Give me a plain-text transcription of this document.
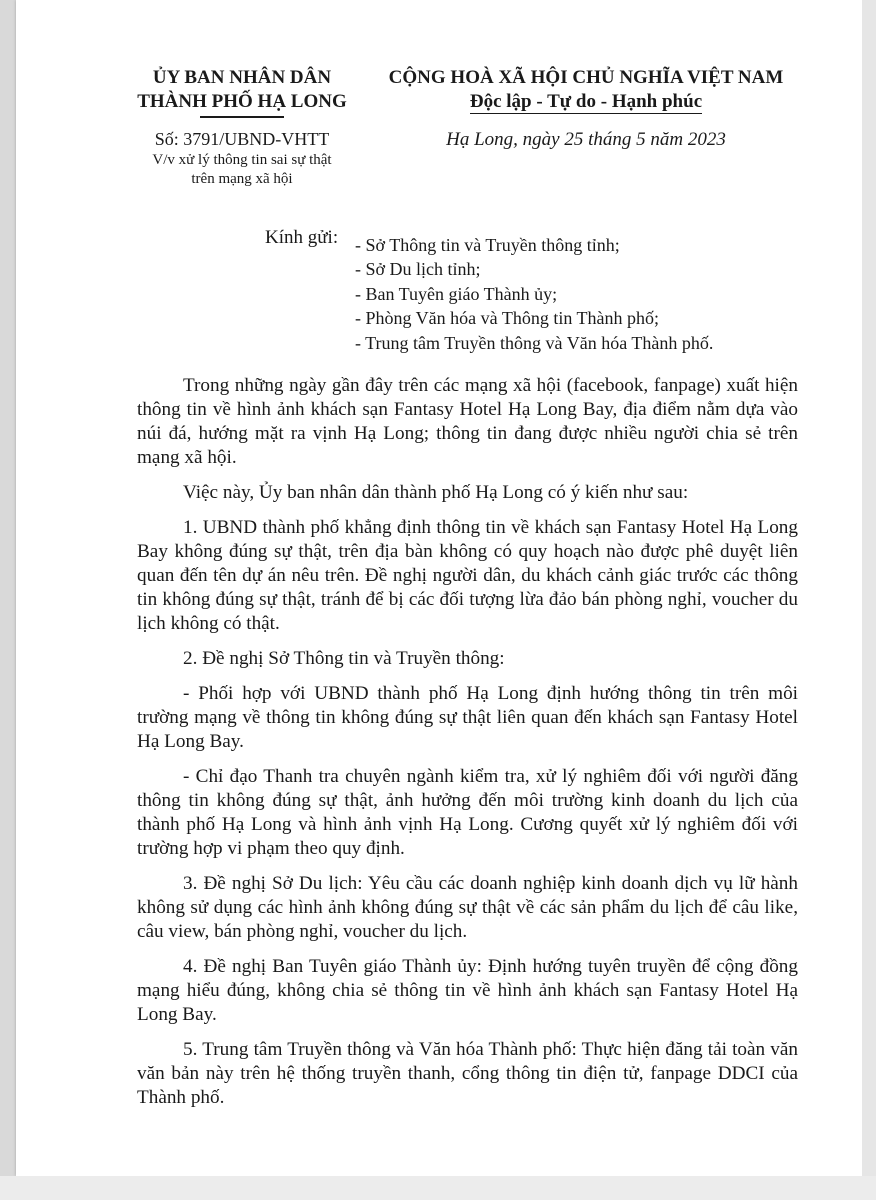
ỦY BAN NHÂN DÂN
THÀNH PHỐ HẠ LONG
CỘNG HOÀ XÃ HỘI CHỦ NGHĨA VIỆT NAM
Độc lập - Tự do - Hạnh phúc
Số: 3791/UBND-VHTT
V/v xử lý thông tin sai sự thật
trên mạng xã hội
Hạ Long, ngày 25 tháng 5 năm 2023
Kính gửi: - Sở Thông tin và Truyền thông tỉnh;
- Sở Du lịch tỉnh;
- Ban Tuyên giáo Thành ủy;
- Phòng Văn hóa và Thông tin Thành phố;
- Trung tâm Truyền thông và Văn hóa Thành phố.

Trong những ngày gần đây trên các mạng xã hội (facebook, fanpage) xuất hiện thông tin về hình ảnh khách sạn Fantasy Hotel Hạ Long Bay, địa điểm nằm dựa vào núi đá, hướng mặt ra vịnh Hạ Long; thông tin đang được nhiều người chia sẻ trên mạng xã hội.

Việc này, Ủy ban nhân dân thành phố Hạ Long có ý kiến như sau:

1. UBND thành phố khẳng định thông tin về khách sạn Fantasy Hotel Hạ Long Bay không đúng sự thật, trên địa bàn không có quy hoạch nào được phê duyệt liên quan đến tên dự án nêu trên. Đề nghị người dân, du khách cảnh giác trước các thông tin không đúng sự thật, tránh để bị các đối tượng lừa đảo bán phòng nghỉ, voucher du lịch không có thật.

2. Đề nghị Sở Thông tin và Truyền thông:

- Phối hợp với UBND thành phố Hạ Long định hướng thông tin trên môi trường mạng về thông tin không đúng sự thật liên quan đến khách sạn Fantasy Hotel Hạ Long Bay.

- Chỉ đạo Thanh tra chuyên ngành kiểm tra, xử lý nghiêm đối với người đăng thông tin không đúng sự thật, ảnh hưởng đến môi trường kinh doanh du lịch của thành phố Hạ Long và hình ảnh vịnh Hạ Long. Cương quyết xử lý nghiêm đối với trường hợp vi phạm theo quy định.

3. Đề nghị Sở Du lịch: Yêu cầu các doanh nghiệp kinh doanh dịch vụ lữ hành không sử dụng các hình ảnh không đúng sự thật về các sản phẩm du lịch để câu like, câu view, bán phòng nghỉ, voucher du lịch.

4. Đề nghị Ban Tuyên giáo Thành ủy: Định hướng tuyên truyền để cộng đồng mạng hiểu đúng, không chia sẻ thông tin về hình ảnh khách sạn Fantasy Hotel Hạ Long Bay.

5. Trung tâm Truyền thông và Văn hóa Thành phố: Thực hiện đăng tải toàn văn văn bản này trên hệ thống truyền thanh, cổng thông tin điện tử, fanpage DDCI của Thành phố.
